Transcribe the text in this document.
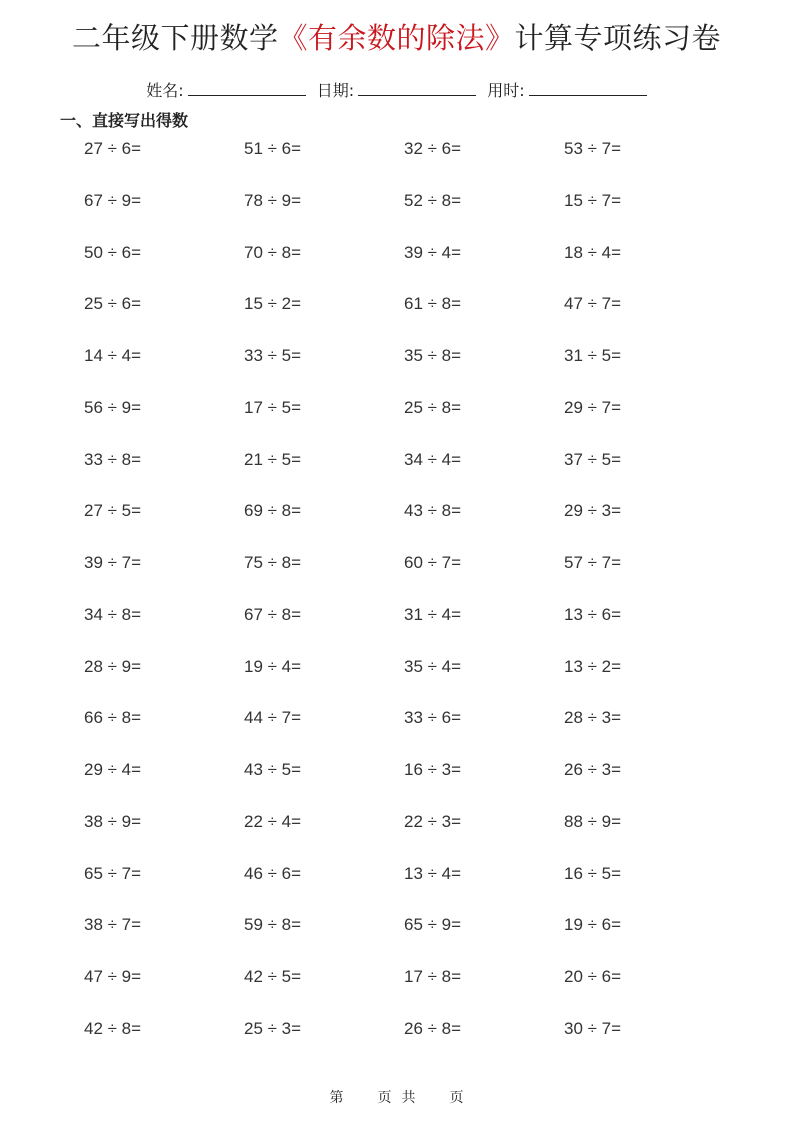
二年级下册数学《有余数的除法》计算专项练习卷
姓名:	日期:	用时:
一、直接写出得数
27 ÷ 6=	51 ÷ 6=	32 ÷ 6=	53 ÷ 7=
67 ÷ 9=	78 ÷ 9=	52 ÷ 8=	15 ÷ 7=
50 ÷ 6=	70 ÷ 8=	39 ÷ 4=	18 ÷ 4=
25 ÷ 6=	15 ÷ 2=	61 ÷ 8=	47 ÷ 7=
14 ÷ 4=	33 ÷ 5=	35 ÷ 8=	31 ÷ 5=
56 ÷ 9=	17 ÷ 5=	25 ÷ 8=	29 ÷ 7=
33 ÷ 8=	21 ÷ 5=	34 ÷ 4=	37 ÷ 5=
27 ÷ 5=	69 ÷ 8=	43 ÷ 8=	29 ÷ 3=
39 ÷ 7=	75 ÷ 8=	60 ÷ 7=	57 ÷ 7=
34 ÷ 8=	67 ÷ 8=	31 ÷ 4=	13 ÷ 6=
28 ÷ 9=	19 ÷ 4=	35 ÷ 4=	13 ÷ 2=
66 ÷ 8=	44 ÷ 7=	33 ÷ 6=	28 ÷ 3=
29 ÷ 4=	43 ÷ 5=	16 ÷ 3=	26 ÷ 3=
38 ÷ 9=	22 ÷ 4=	22 ÷ 3=	88 ÷ 9=
65 ÷ 7=	46 ÷ 6=	13 ÷ 4=	16 ÷ 5=
38 ÷ 7=	59 ÷ 8=	65 ÷ 9=	19 ÷ 6=
47 ÷ 9=	42 ÷ 5=	17 ÷ 8=	20 ÷ 6=
42 ÷ 8=	25 ÷ 3=	26 ÷ 8=	30 ÷ 7=
第 页 共 页
